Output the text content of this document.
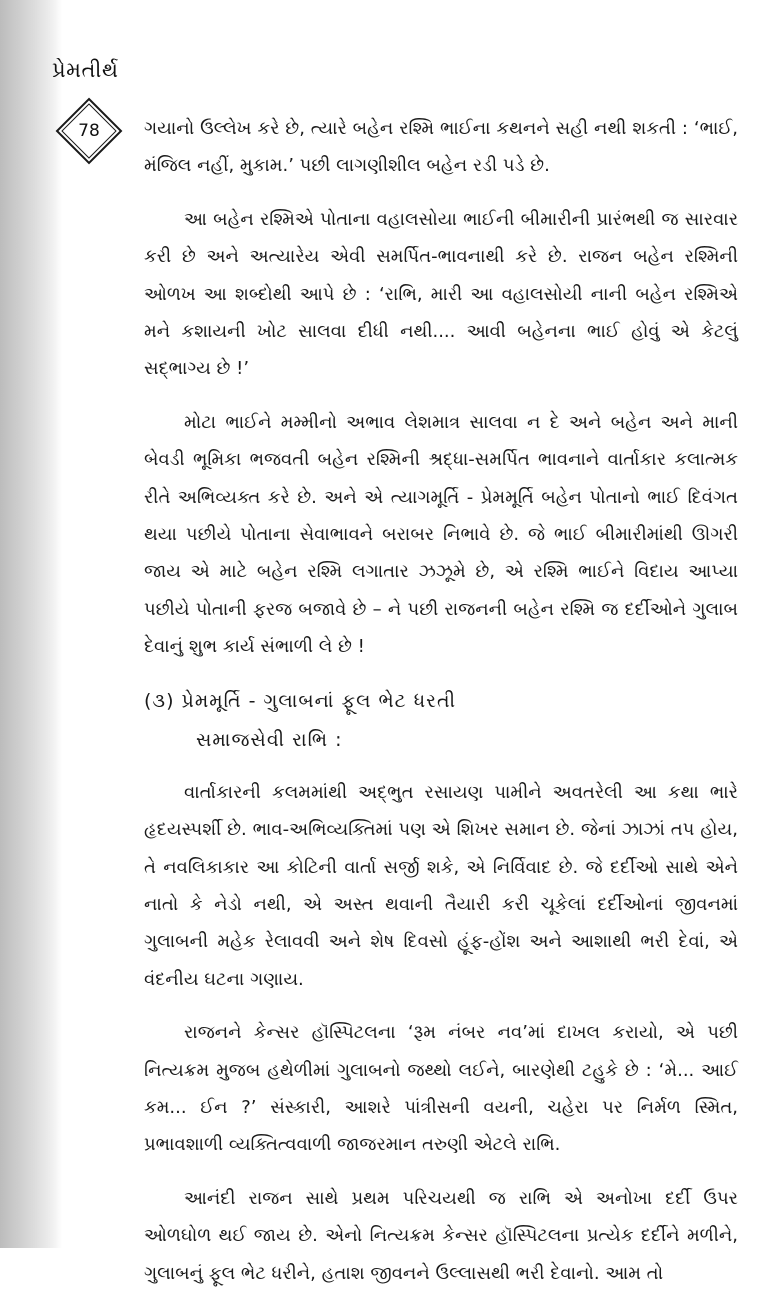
પ્રેમતીર્થ
78	ગયાનો ઉલ્લેખ કરે છે, ત્યારે બહેન રશ્મિ ભાઈના કથનને સહી નથી શકતી : ‘ભાઈ, મંજિલ નહીં, મુકામ.’ પછી લાગણીશીલ બહેન રડી પડે છે.

આ બહેન રશ્મિએ પોતાના વહાલસોયા ભાઈની બીમારીની પ્રારંભથી જ સારવાર કરી છે અને અત્યારેય એવી સમર્પિત-ભાવનાથી કરે છે. રાજન બહેન રશ્મિની ઓળખ આ શબ્દોથી આપે છે : ‘રાભિ, મારી આ વહાલસોયી નાની બહેન રશ્મિએ મને કશાયની ખોટ સાલવા દીધી નથી.... આવી બહેનના ભાઈ હોવું એ કેટલું સદ્‌ભાગ્ય છે !’

મોટા ભાઈને મમ્મીનો અભાવ લેશમાત્ર સાલવા ન દે અને બહેન અને માની બેવડી ભૂમિકા ભજવતી બહેન રશ્મિની શ્રદ્ધા-સમર્પિત ભાવનાને વાર્તાકાર કલાત્મક રીતે અભિવ્યક્ત કરે છે. અને એ ત્યાગમૂર્તિ - પ્રેમમૂર્તિ બહેન પોતાનો ભાઈ દિવંગત થયા પછીયે પોતાના સેવાભાવને બરાબર નિભાવે છે. જે ભાઈ બીમારીમાંથી ઊગરી જાય એ માટે બહેન રશ્મિ લગાતાર ઝઝૂમે છે, એ રશ્મિ ભાઈને વિદાય આપ્યા પછીયે પોતાની ફરજ બજાવે છે – ને પછી રાજનની બહેન રશ્મિ જ દર્દીઓને ગુલાબ દેવાનું શુભ કાર્ય સંભાળી લે છે !

(૩) પ્રેમમૂર્તિ - ગુલાબનાં ફૂલ ભેટ ધરતી
સમાજસેવી રાભિ :

વાર્તાકારની કલમમાંથી અદ્‌ભુત રસાયણ પામીને અવતરેલી આ કથા ભારે હૃદયસ્પર્શી છે. ભાવ-અભિવ્યક્તિમાં પણ એ શિખર સમાન છે. જેનાં ઝાઝાં તપ હોય, તે નવલિકાકાર આ કોટિની વાર્તા સર્જી શકે, એ નિર્વિવાદ છે. જે દર્દીઓ સાથે એને નાતો કે નેડો નથી, એ અસ્ત થવાની તૈયારી કરી ચૂકેલાં દર્દીઓનાં જીવનમાં ગુલાબની મહેક રેલાવવી અને શેષ દિવસો હૂંફ-હોંશ અને આશાથી ભરી દેવાં, એ વંદનીય ઘટના ગણાય.

રાજનને કેન્સર હૉસ્પિટલના ‘રૂમ નંબર નવ’માં દાખલ કરાયો, એ પછી નિત્યક્રમ મુજબ હથેળીમાં ગુલાબનો જથ્થો લઈને, બારણેથી ટહુકે છે : ‘મે... આઈ કમ... ઈન ?’ સંસ્કારી, આશરે પાંત્રીસની વયની, ચહેરા પર નિર્મળ સ્મિત, પ્રભાવશાળી વ્યક્તિત્વવાળી જાજરમાન તરુણી એટલે રાભિ.

આનંદી રાજન સાથે પ્રથમ પરિચયથી જ રાભિ એ અનોખા દર્દી ઉપર ઓળઘોળ થઈ જાય છે. એનો નિત્યક્રમ કેન્સર હૉસ્પિટલના પ્રત્યેક દર્દીને મળીને, ગુલાબનું ફૂલ ભેટ ધરીને, હતાશ જીવનને ઉલ્લાસથી ભરી દેવાનો. આમ તો
